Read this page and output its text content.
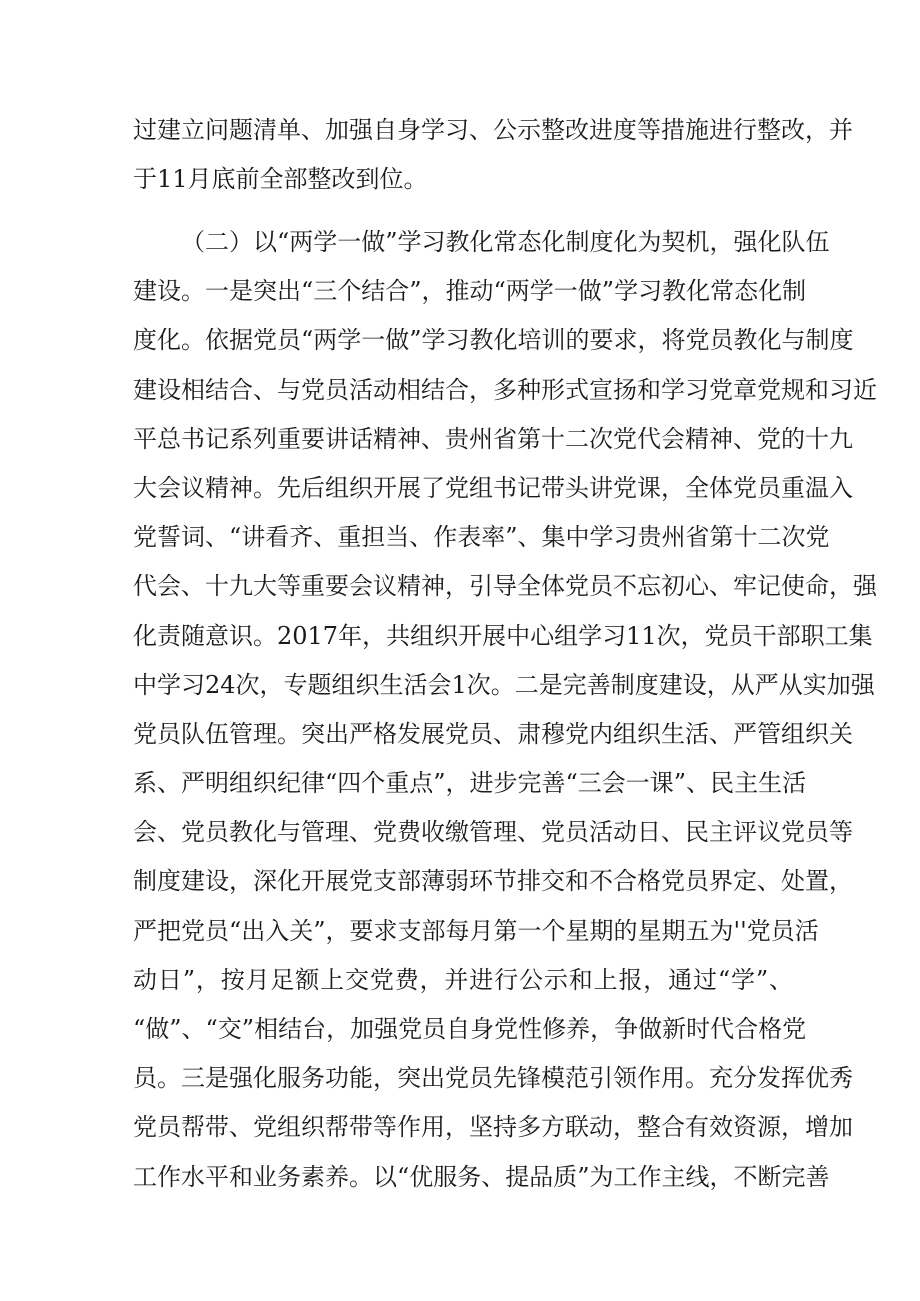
过建立问题清单、加强自身学习、公示整改进度等措施进行整改，并
于11月底前全部整改到位。
（二）以“两学一做”学习教化常态化制度化为契机，强化队伍
建设。一是突出“三个结合”，推动“两学一做”学习教化常态化制
度化。依据党员“两学一做”学习教化培训的要求，将党员教化与制度
建设相结合、与党员活动相结合，多种形式宣扬和学习党章党规和习近
平总书记系列重要讲话精神、贵州省第十二次党代会精神、党的十九
大会议精神。先后组织开展了党组书记带头讲党课，全体党员重温入
党誓词、“讲看齐、重担当、作表率”、集中学习贵州省第十二次党
代会、十九大等重要会议精神，引导全体党员不忘初心、牢记使命，强
化责随意识。2017年，共组织开展中心组学习11次，党员干部职工集
中学习24次，专题组织生活会1次。二是完善制度建设，从严从实加强
党员队伍管理。突出严格发展党员、肃穆党内组织生活、严管组织关
系、严明组织纪律“四个重点”，进步完善“三会一课”、民主生活
会、党员教化与管理、党费收缴管理、党员活动日、民主评议党员等
制度建设，深化开展党支部薄弱环节排交和不合格党员界定、处置，
严把党员“出入关”，要求支部每月第一个星期的星期五为''党员活
动日”，按月足额上交党费，并进行公示和上报，通过“学”、
“做”、“交”相结台，加强党员自身党性修养，争做新时代合格党
员。三是强化服务功能，突出党员先锋模范引领作用。充分发挥优秀
党员帮带、党组织帮带等作用，坚持多方联动，整合有效资源，增加
工作水平和业务素养。以“优服务、提品质”为工作主线，不断完善
